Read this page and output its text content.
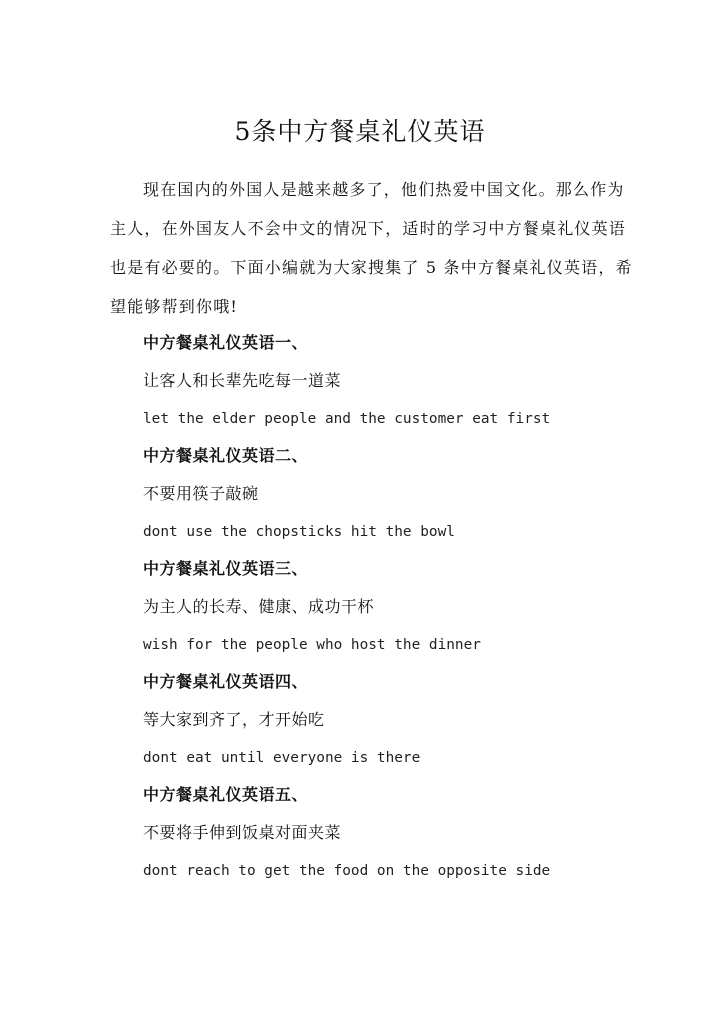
5条中方餐桌礼仪英语
现在国内的外国人是越来越多了，他们热爱中国文化。那么作为
主人，在外国友人不会中文的情况下，适时的学习中方餐桌礼仪英语
也是有必要的。下面小编就为大家搜集了 5 条中方餐桌礼仪英语，希
望能够帮到你哦!
中方餐桌礼仪英语一、
让客人和长辈先吃每一道菜
let the elder people and the customer eat first
中方餐桌礼仪英语二、
不要用筷子敲碗
dont use the chopsticks hit the bowl
中方餐桌礼仪英语三、
为主人的长寿、健康、成功干杯
wish for the people who host the dinner
中方餐桌礼仪英语四、
等大家到齐了，才开始吃
dont eat until everyone is there
中方餐桌礼仪英语五、
不要将手伸到饭桌对面夹菜
dont reach to get the food on the opposite side
